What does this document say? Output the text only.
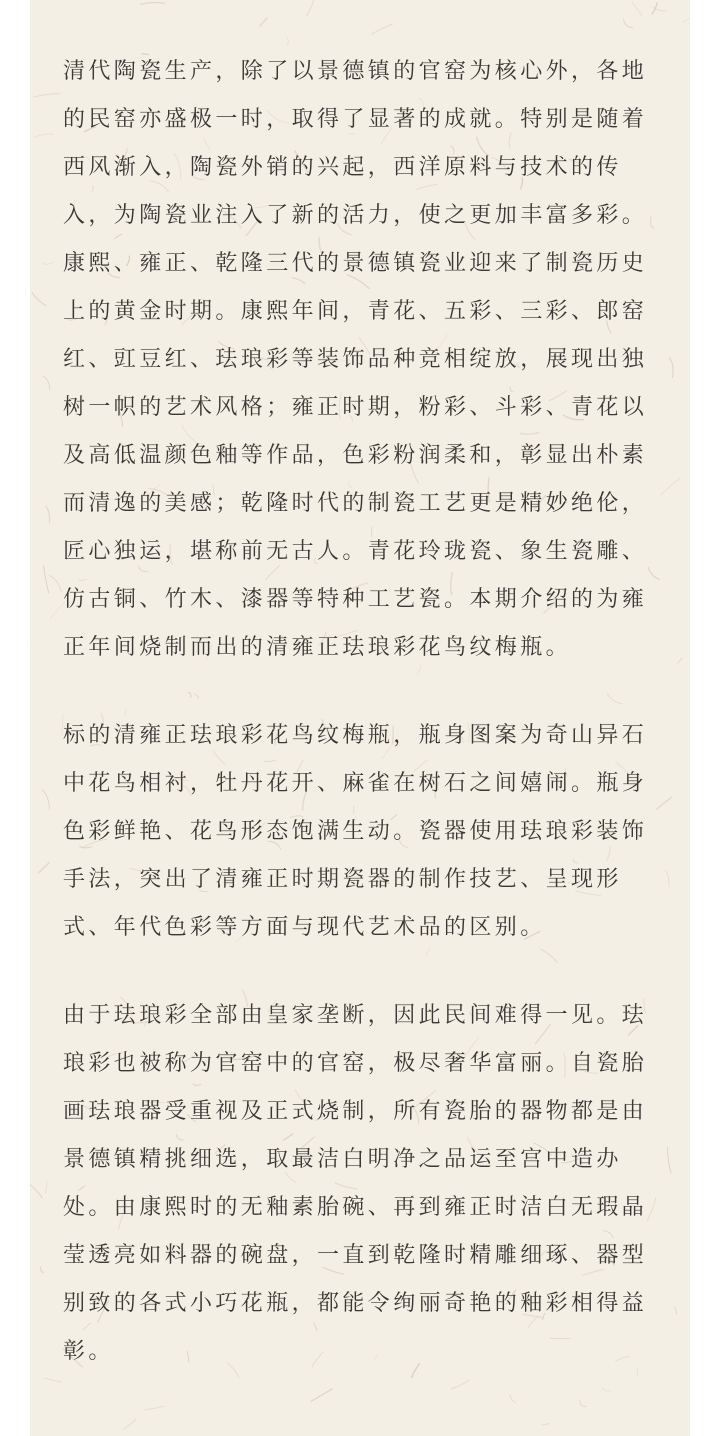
清代陶瓷生产，除了以景德镇的官窑为核心外，各地的民窑亦盛极一时，取得了显著的成就。特别是随着西风渐入，陶瓷外销的兴起，西洋原料与技术的传入，为陶瓷业注入了新的活力，使之更加丰富多彩。康熙、雍正、乾隆三代的景德镇瓷业迎来了制瓷历史上的黄金时期。康熙年间，青花、五彩、三彩、郎窑红、豇豆红、珐琅彩等装饰品种竞相绽放，展现出独树一帜的艺术风格；雍正时期，粉彩、斗彩、青花以及高低温颜色釉等作品，色彩粉润柔和，彰显出朴素而清逸的美感；乾隆时代的制瓷工艺更是精妙绝伦，匠心独运，堪称前无古人。青花玲珑瓷、象生瓷雕、仿古铜、竹木、漆器等特种工艺瓷。本期介绍的为雍正年间烧制而出的清雍正珐琅彩花鸟纹梅瓶。

标的清雍正珐琅彩花鸟纹梅瓶，瓶身图案为奇山异石中花鸟相衬，牡丹花开、麻雀在树石之间嬉闹。瓶身色彩鲜艳、花鸟形态饱满生动。瓷器使用珐琅彩装饰手法，突出了清雍正时期瓷器的制作技艺、呈现形式、年代色彩等方面与现代艺术品的区别。

由于珐琅彩全部由皇家垄断，因此民间难得一见。珐琅彩也被称为官窑中的官窑，极尽奢华富丽。自瓷胎画珐琅器受重视及正式烧制，所有瓷胎的器物都是由景德镇精挑细选，取最洁白明净之品运至宫中造办处。由康熙时的无釉素胎碗、再到雍正时洁白无瑕晶莹透亮如料器的碗盘，一直到乾隆时精雕细琢、器型别致的各式小巧花瓶，都能令绚丽奇艳的釉彩相得益彰。
